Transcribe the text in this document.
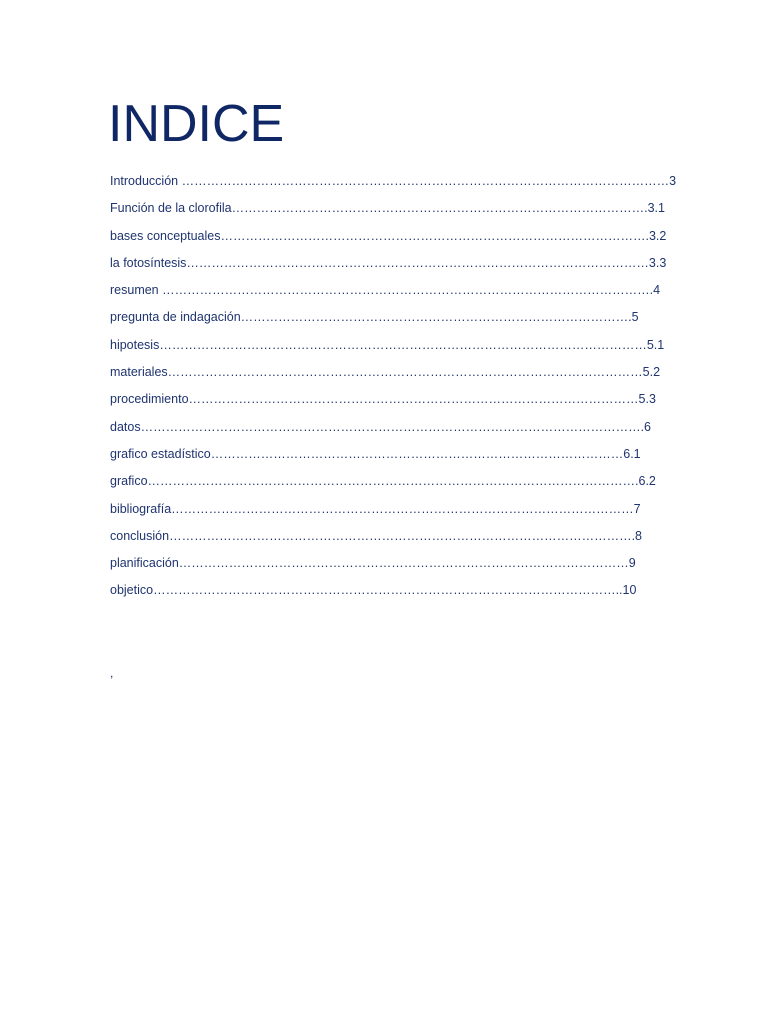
INDICE
Introducción ………………………………………………………………………………………………………3
Función de la clorofila……………………………………………………………………………………….3.1
bases conceptuales………………………………………………………………………………………….3.2
la fotosíntesis…………………………………………………………………………………………………3.3
resumen ……………………………………………………………………………………………………….4
pregunta de indagación………………………………………………………………………………….5
hipotesis………………………………………………………………………………………………………5.1
materiales……………………………………………………………………………………………………5.2
procedimiento………………………………………………………………………………………………5.3
datos………………………………………………………………………………………………………….6
grafico estadístico………………………………………………………………………………………6.1
grafico……………………………………………………………………………………………………….6.2
bibliografía…………………………………………………………………………………………………7
conclusión………………………………………………………………………………………………….8
planificación………………………………………………………………………………………………9
objetico…………………………………………………………………………………………………..10
,
